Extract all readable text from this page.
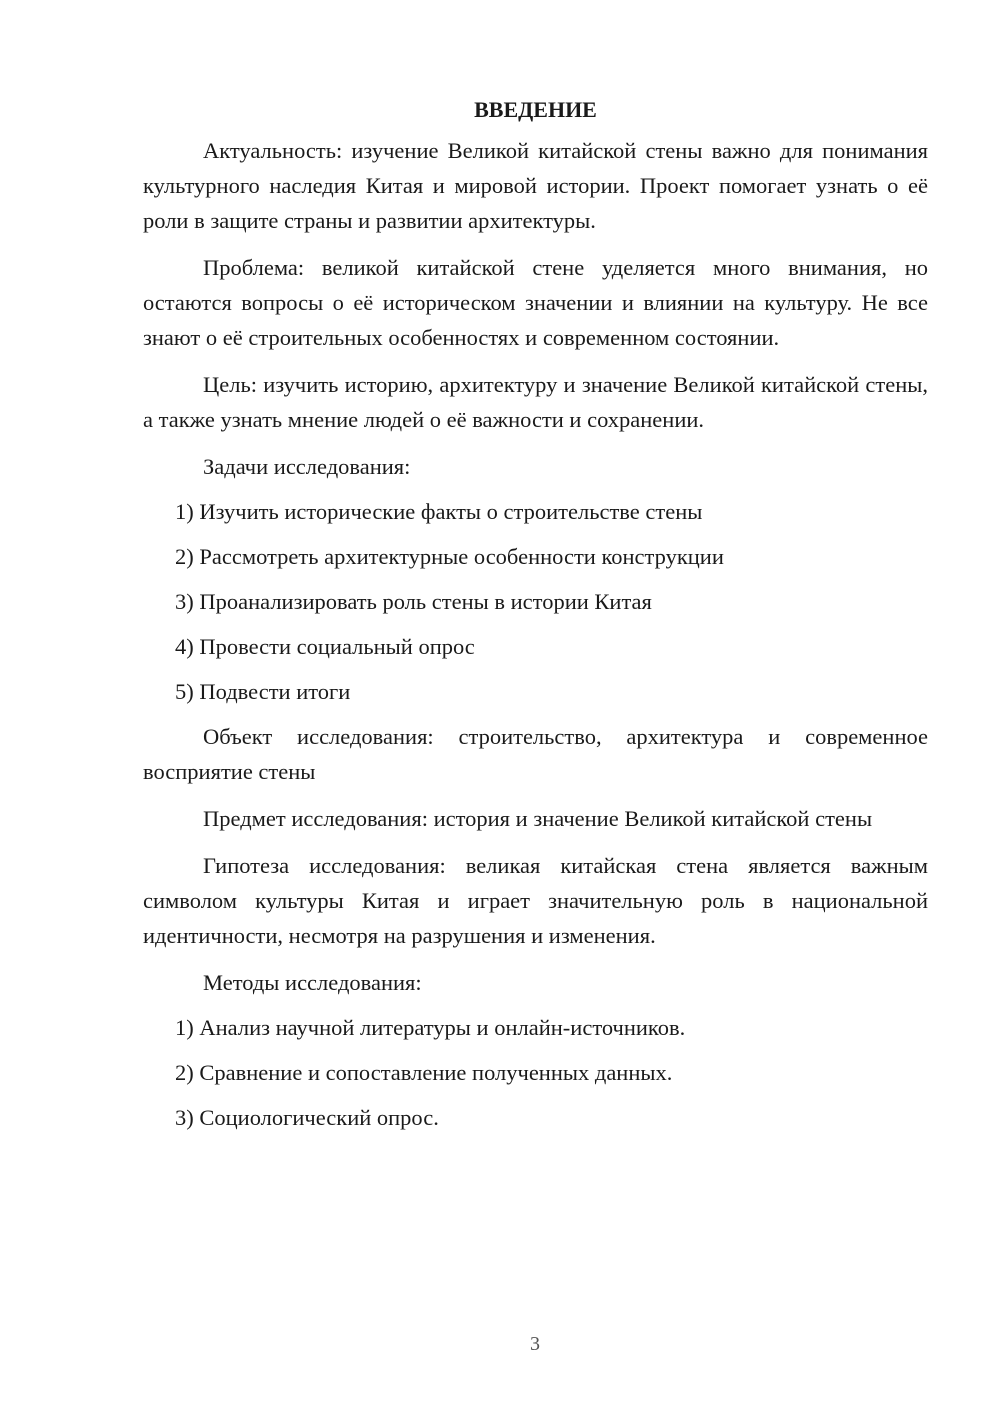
ВВЕДЕНИЕ

Актуальность: изучение Великой китайской стены важно для понимания культурного наследия Китая и мировой истории. Проект помогает узнать о её роли в защите страны и развитии архитектуры.

Проблема: великой китайской стене уделяется много внимания, но остаются вопросы о её историческом значении и влиянии на культуру. Не все знают о её строительных особенностях и современном состоянии.

Цель: изучить историю, архитектуру и значение Великой китайской стены, а также узнать мнение людей о её важности и сохранении.

Задачи исследования:

1) Изучить исторические факты о строительстве стены

2) Рассмотреть архитектурные особенности конструкции

3) Проанализировать роль стены в истории Китая

4) Провести социальный опрос

5) Подвести итоги

Объект исследования: строительство, архитектура и современное восприятие стены

Предмет исследования: история и значение Великой китайской стены

Гипотеза исследования: великая китайская стена является важным символом культуры Китая и играет значительную роль в национальной идентичности, несмотря на разрушения и изменения.

Методы исследования:

1) Анализ научной литературы и онлайн-источников.

2) Сравнение и сопоставление полученных данных.

3) Социологический опрос.

3
